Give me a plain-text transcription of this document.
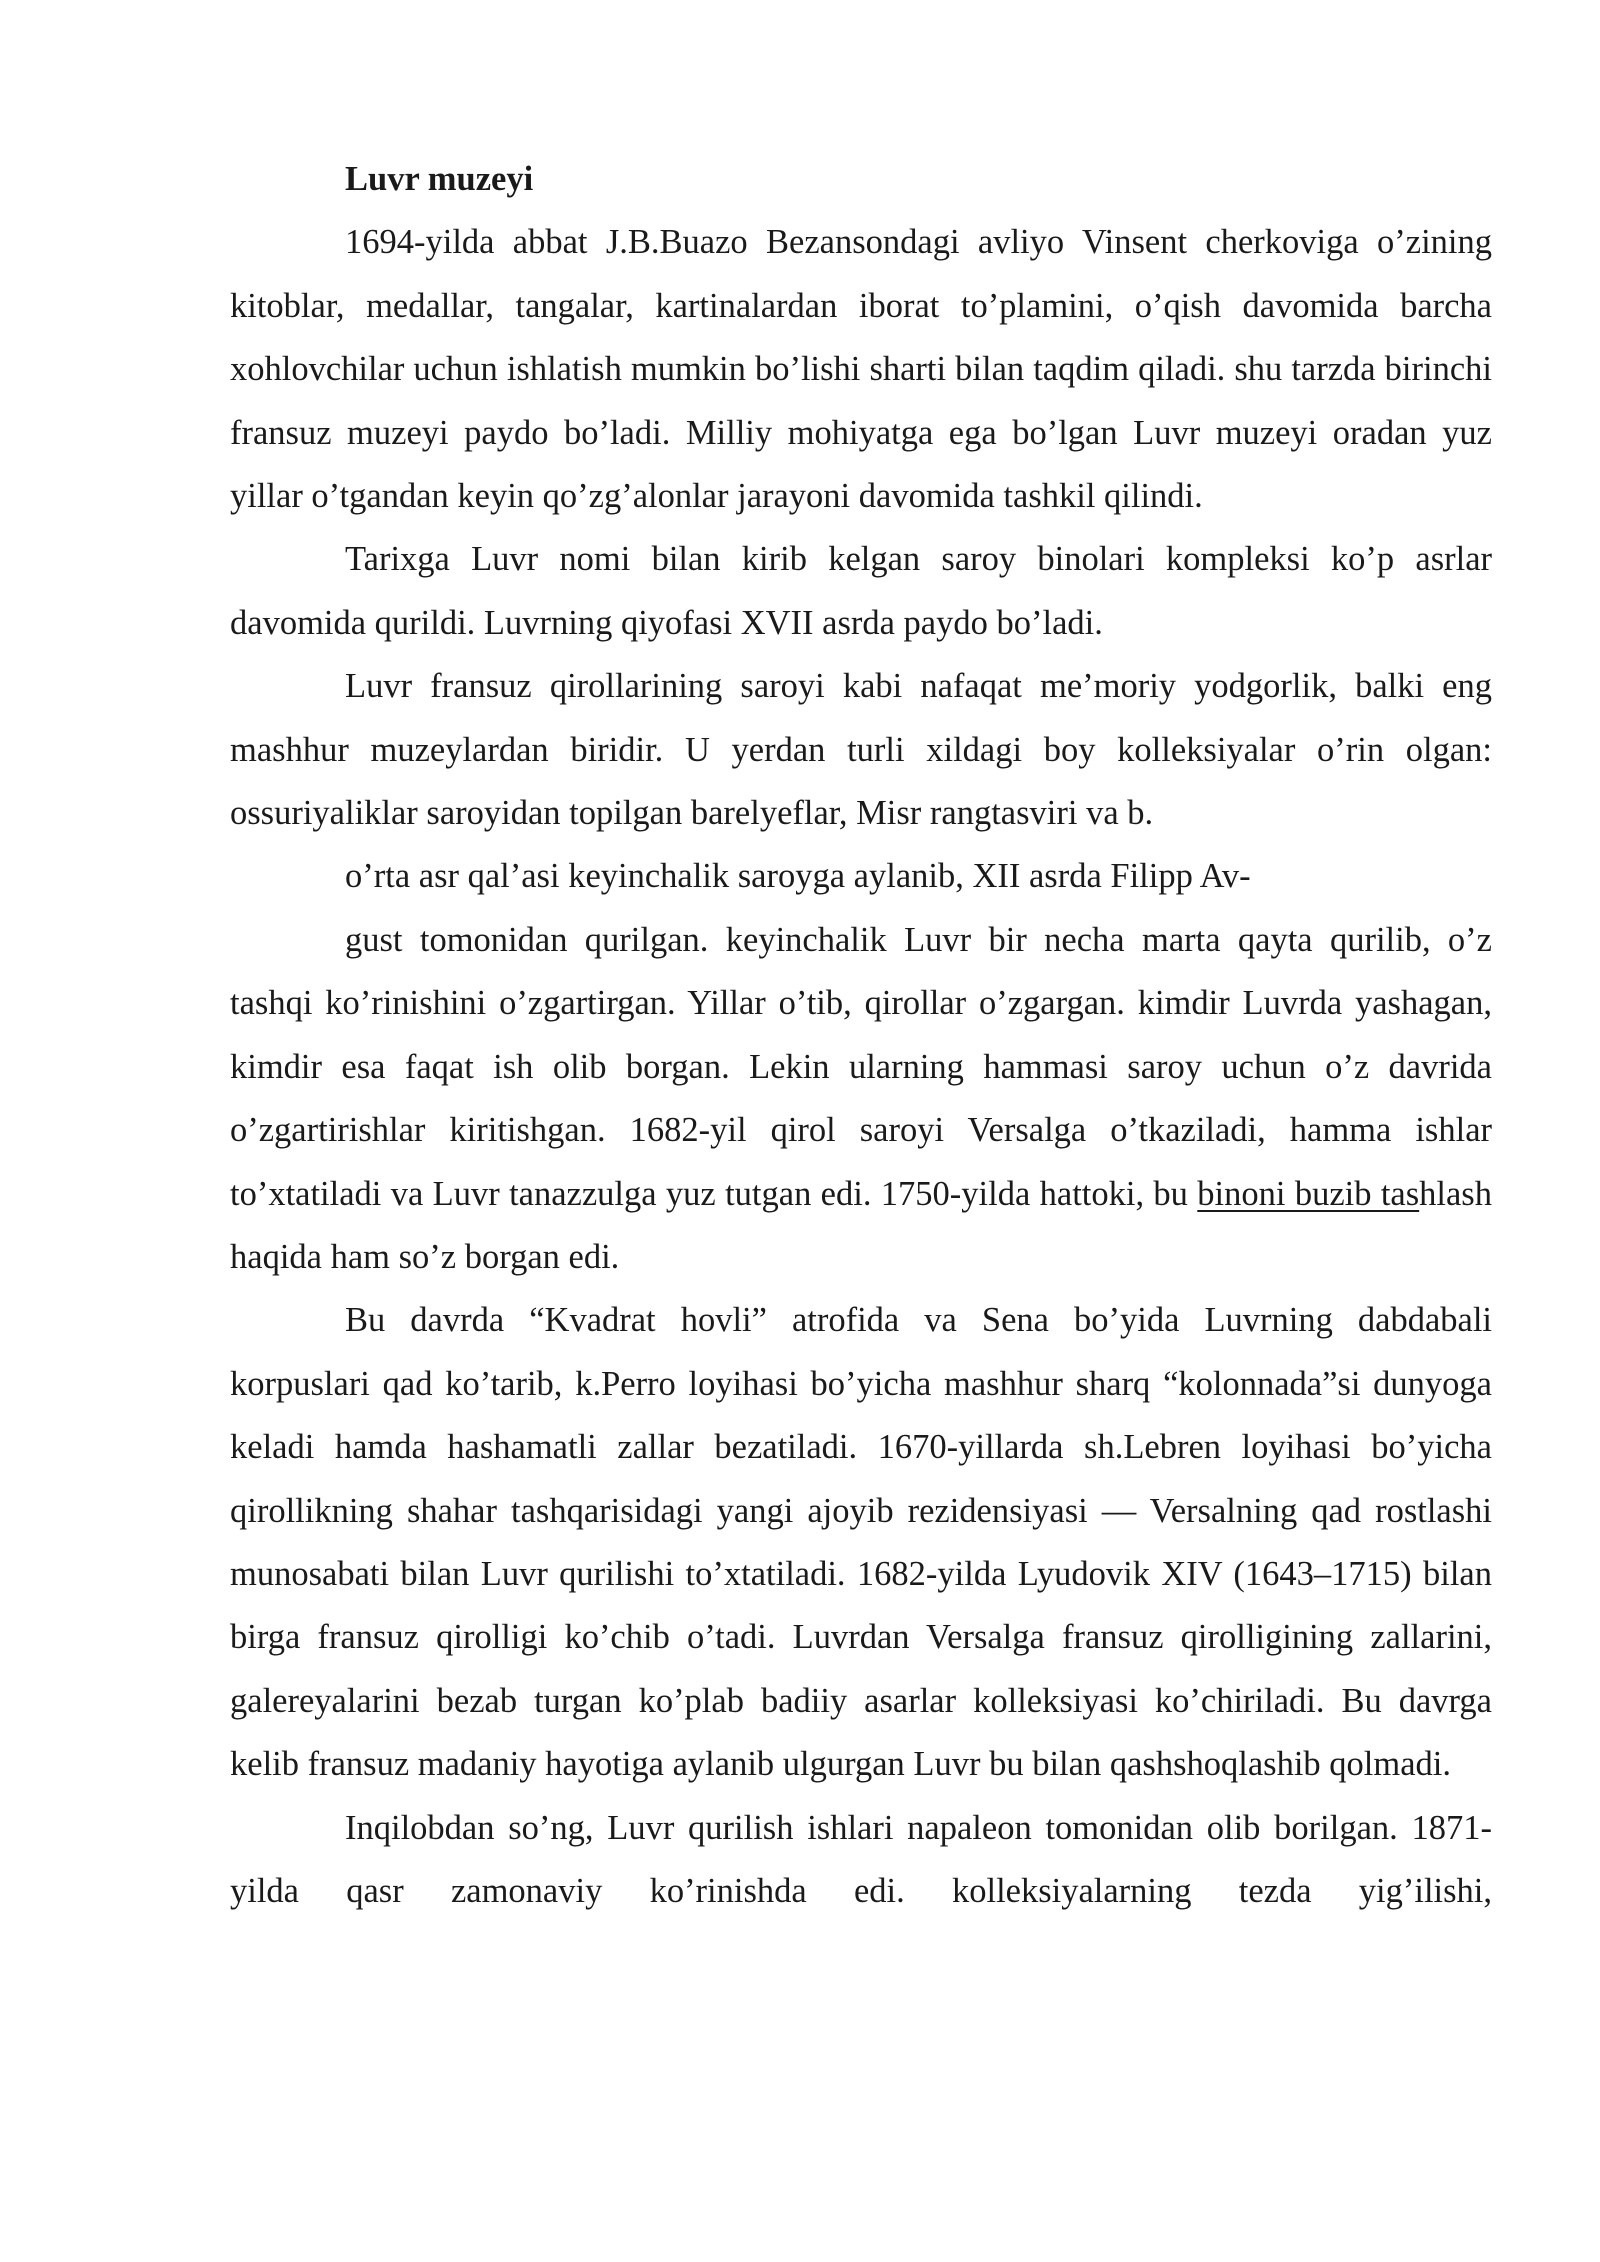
Luvr muzeyi

1694-yilda abbat J.B.Buazo Bezansondagi avliyo Vinsent cherkoviga o’zining kitoblar, medallar, tangalar, kartinalardan iborat to’plamini, o’qish davomida barcha xohlovchilar uchun ishlatish mumkin bo’lishi sharti bilan taqdim qiladi. shu tarzda birinchi fransuz muzeyi paydo bo’ladi. Milliy mohiyatga ega bo’lgan Luvr muzeyi oradan yuz yillar o’tgandan keyin qo’zg’alonlar jarayoni davomida tashkil qilindi.

Tarixga Luvr nomi bilan kirib kelgan saroy binolari kompleksi ko’p asrlar davomida qurildi. Luvrning qiyofasi XVII asrda paydo bo’ladi.

Luvr fransuz qirollarining saroyi kabi nafaqat me’moriy yodgorlik, balki eng mashhur muzeylardan biridir. U yerdan turli xildagi boy kolleksiyalar o’rin olgan: ossuriyaliklar saroyidan topilgan barelyeflar, Misr rangtasviri va b.

o’rta asr qal’asi keyinchalik saroyga aylanib, XII asrda Filipp Av-

gust tomonidan qurilgan. keyinchalik Luvr bir necha marta qayta qurilib, o’z tashqi ko’rinishini o’zgartirgan. Yillar o’tib, qirollar o’zgargan. kimdir Luvrda yashagan, kimdir esa faqat ish olib borgan. Lekin ularning hammasi saroy uchun o’z davrida o’zgartirishlar kiritishgan. 1682-yil qirol saroyi Versalga o’tkaziladi, hamma ishlar to’xtatiladi va Luvr tanazzulga yuz tutgan edi. 1750-yilda hattoki, bu binoni buzib tashlash haqida ham so’z borgan edi.

Bu davrda “Kvadrat hovli” atrofida va Sena bo’yida Luvrning dabdabali korpuslari qad ko’tarib, k.Perro loyihasi bo’yicha mashhur sharq “kolonnada”si dunyoga keladi hamda hashamatli zallar bezatiladi. 1670-yillarda sh.Lebren loyihasi bo’yicha qirollikning shahar tashqarisidagi yangi ajoyib rezidensiyasi — Versalning qad rostlashi munosabati bilan Luvr qurilishi to’xtatiladi. 1682-yilda Lyudovik XIV (1643–1715) bilan birga fransuz qirolligi ko’chib o’tadi. Luvrdan Versalga fransuz qirolligining zallarini, galereyalarini bezab turgan ko’plab badiiy asarlar kolleksiyasi ko’chiriladi. Bu davrga kelib fransuz madaniy hayotiga aylanib ulgurgan Luvr bu bilan qashshoqlashib qolmadi.

Inqilobdan so’ng, Luvr qurilish ishlari napaleon tomonidan olib borilgan. 1871-yilda qasr zamonaviy ko’rinishda edi. kolleksiyalarning tezda yig’ilishi,
